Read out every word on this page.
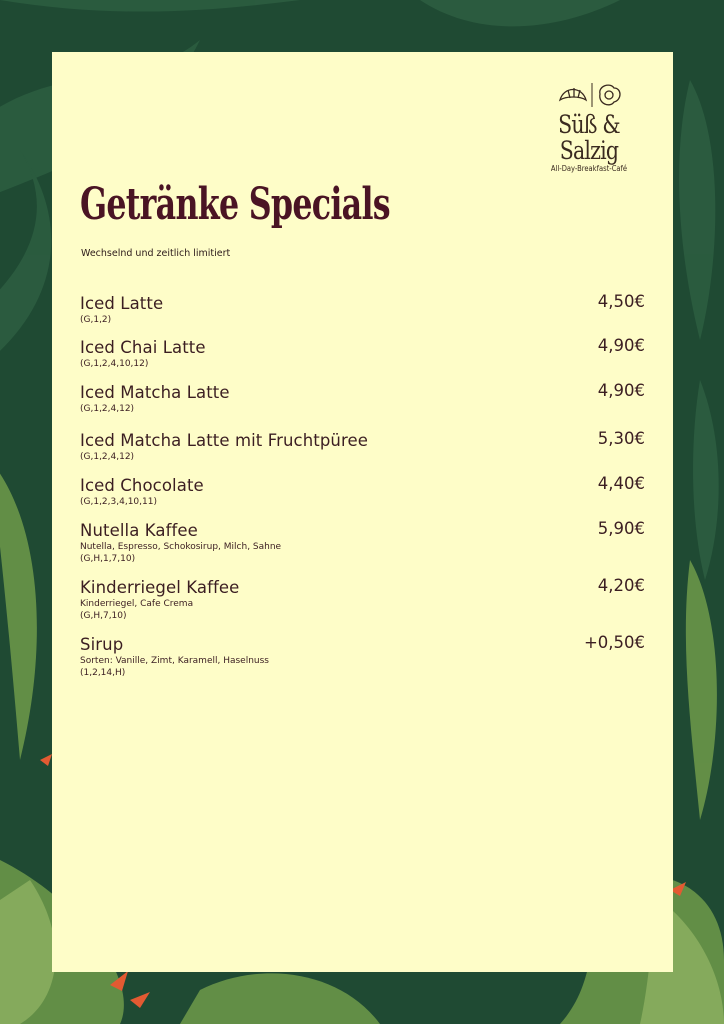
Süß & Salzig
All-Day-Breakfast-Café
Getränke Specials
Wechselnd und zeitlich limitiert
Iced Latte
(G,1,2)
4,50€
Iced Chai Latte
(G,1,2,4,10,12)
4,90€
Iced Matcha Latte
(G,1,2,4,12)
4,90€
Iced Matcha Latte mit Fruchtpüree
(G,1,2,4,12)
5,30€
Iced Chocolate
(G,1,2,3,4,10,11)
4,40€
Nutella Kaffee
Nutella, Espresso, Schokosirup, Milch, Sahne
(G,H,1,7,10)
5,90€
Kinderriegel Kaffee
Kinderriegel, Cafe Crema
(G,H,7,10)
4,20€
Sirup
Sorten: Vanille, Zimt, Karamell, Haselnuss
(1,2,14,H)
+0,50€
